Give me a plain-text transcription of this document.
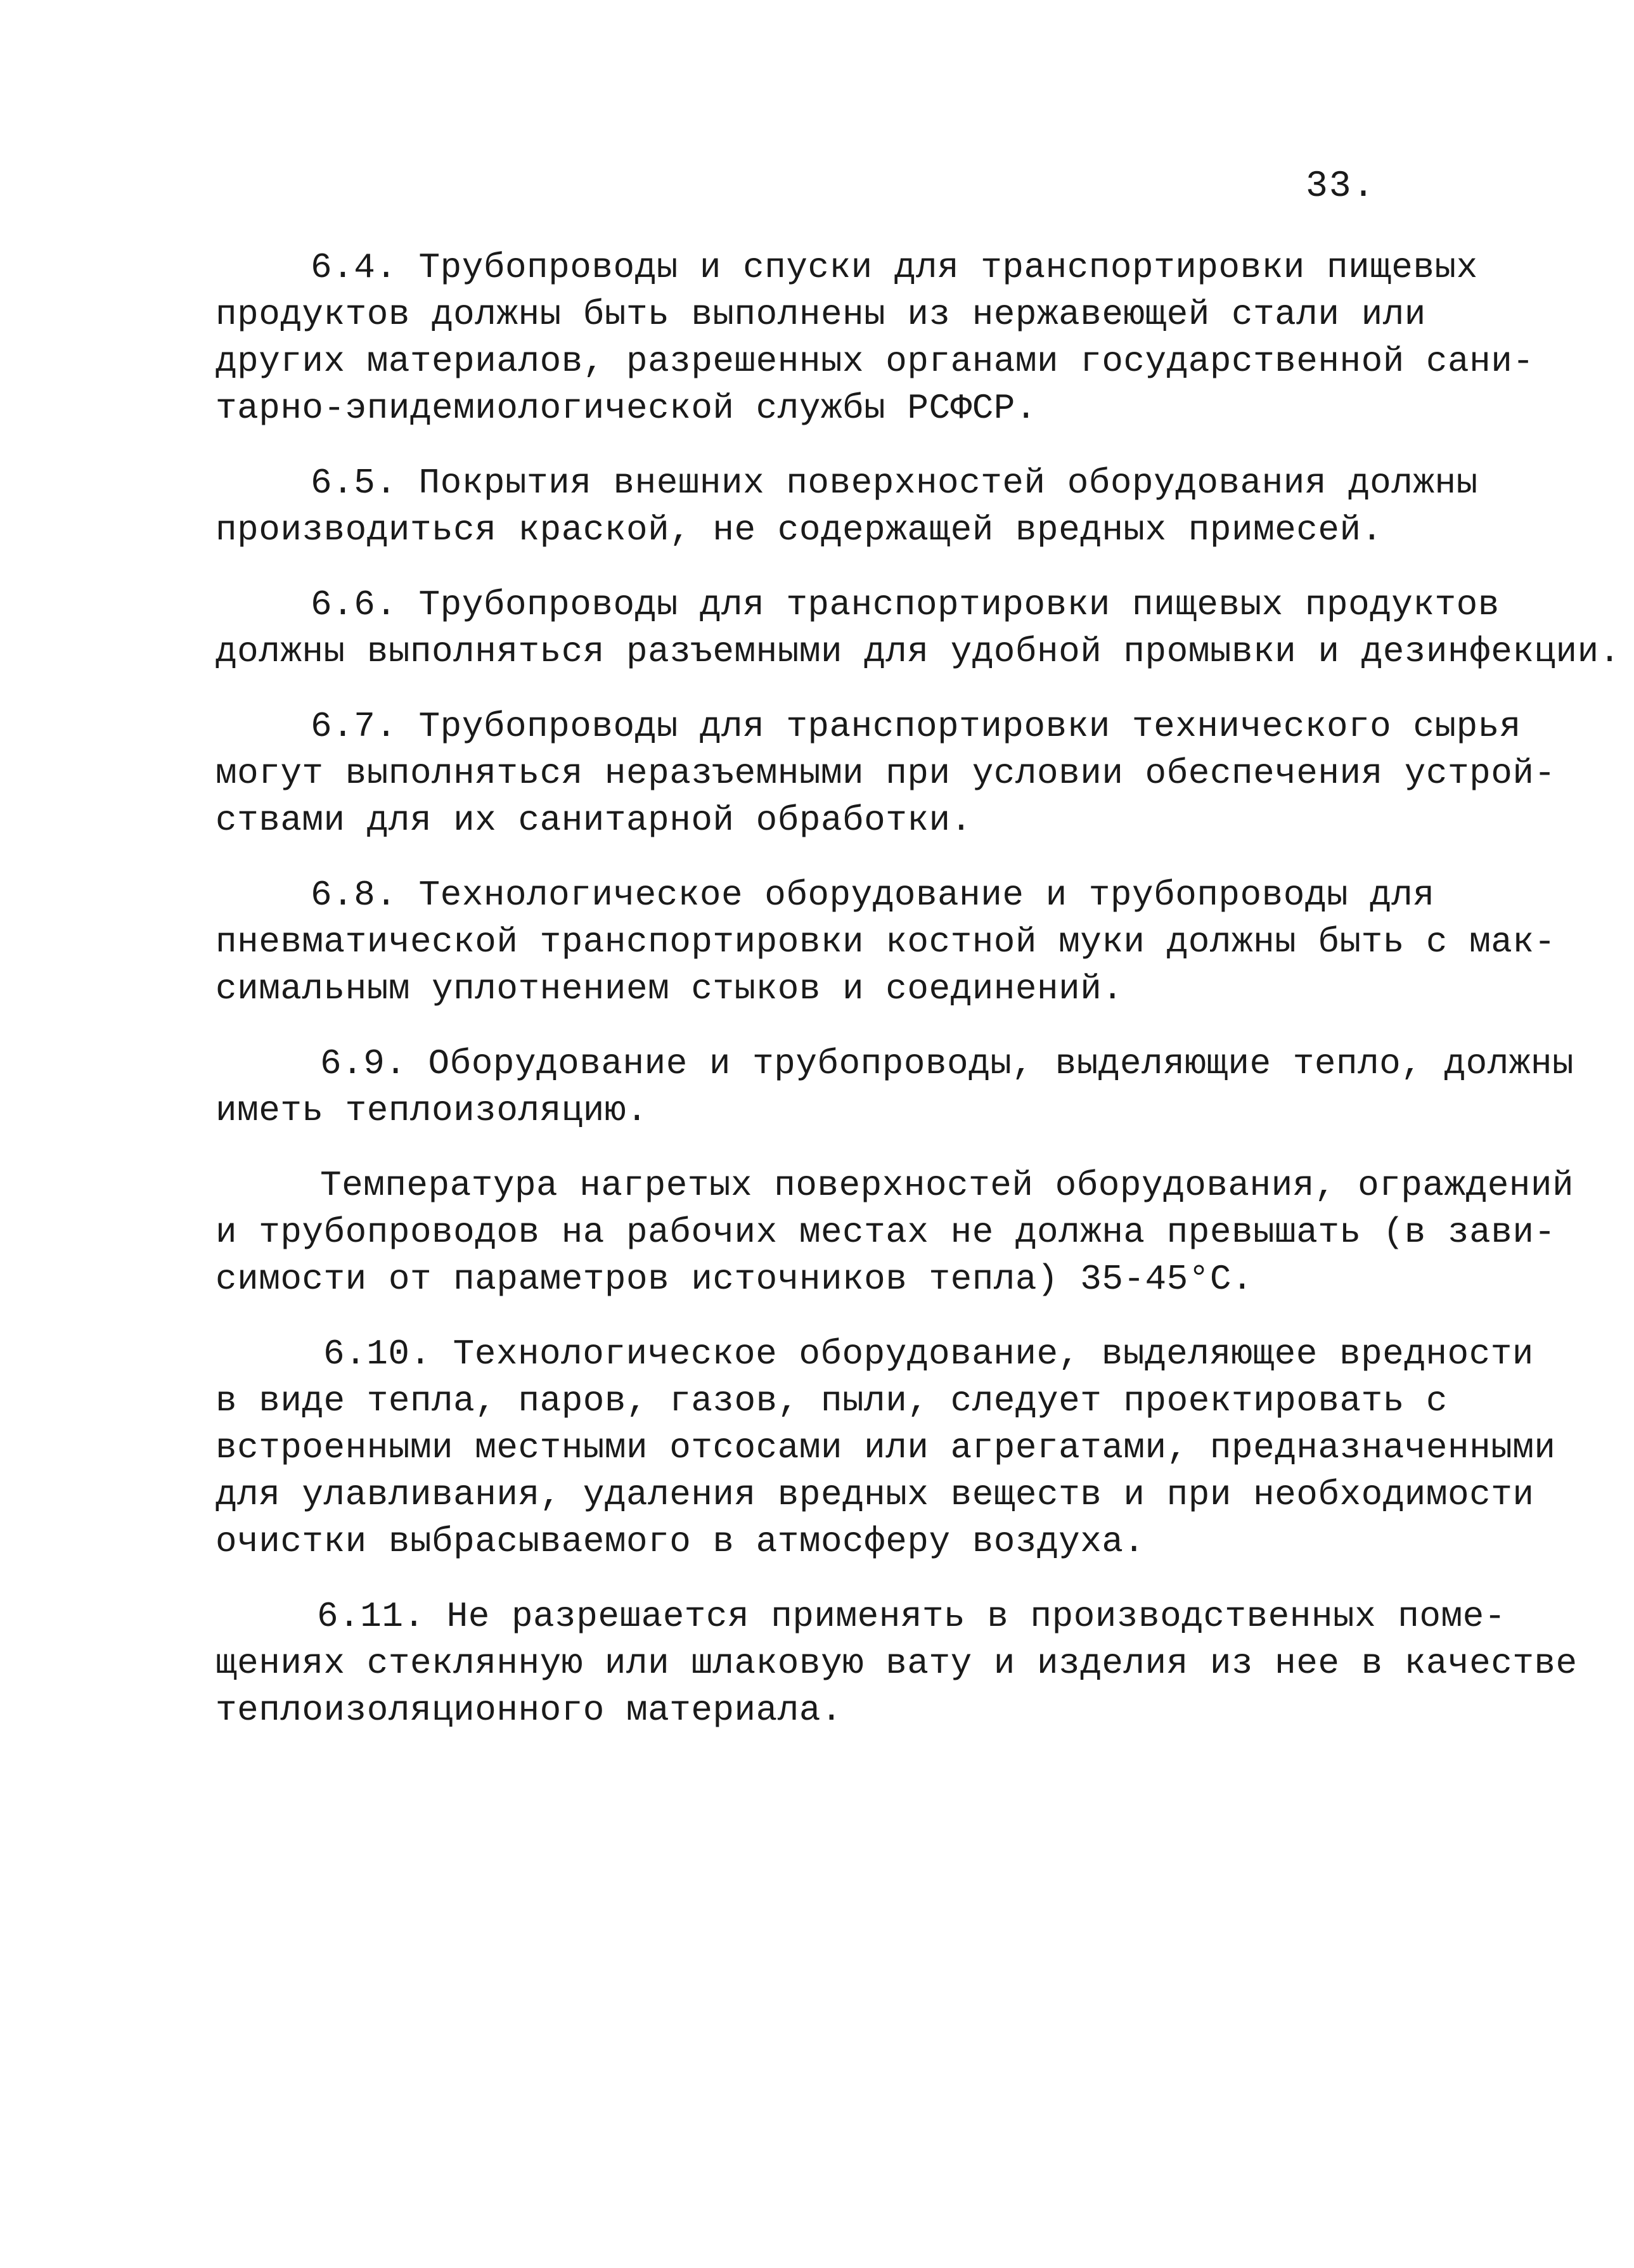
33.
6.4. Трубопроводы и спуски для транспортировки пищевых
продуктов должны быть выполнены из нержавеющей стали или
других материалов, разрешенных органами государственной сани-
тарно-эпидемиологической службы РСФСР.
6.5. Покрытия внешних поверхностей оборудования должны
производиться краской, не содержащей вредных примесей.
6.6. Трубопроводы для транспортировки пищевых продуктов
должны выполняться разъемными для удобной промывки и дезинфекции.
6.7. Трубопроводы для транспортировки технического сырья
могут выполняться неразъемными при условии обеспечения устрой-
ствами для их санитарной обработки.
6.8. Технологическое оборудование и трубопроводы для
пневматической транспортировки костной муки должны быть с мак-
симальным уплотнением стыков и соединений.
6.9. Оборудование и трубопроводы, выделяющие тепло, должны
иметь теплоизоляцию.
Температура нагретых поверхностей оборудования, ограждений
и трубопроводов на рабочих местах не должна превышать (в зави-
симости от параметров источников тепла) 35-45°С.
6.10. Технологическое оборудование, выделяющее вредности
в виде тепла, паров, газов, пыли, следует проектировать с
встроенными местными отсосами или агрегатами, предназначенными
для улавливания, удаления вредных веществ и при необходимости
очистки выбрасываемого в атмосферу воздуха.
6.11. Не разрешается применять в производственных поме-
щениях стеклянную или шлаковую вату и изделия из нее в качестве
теплоизоляционного материала.
